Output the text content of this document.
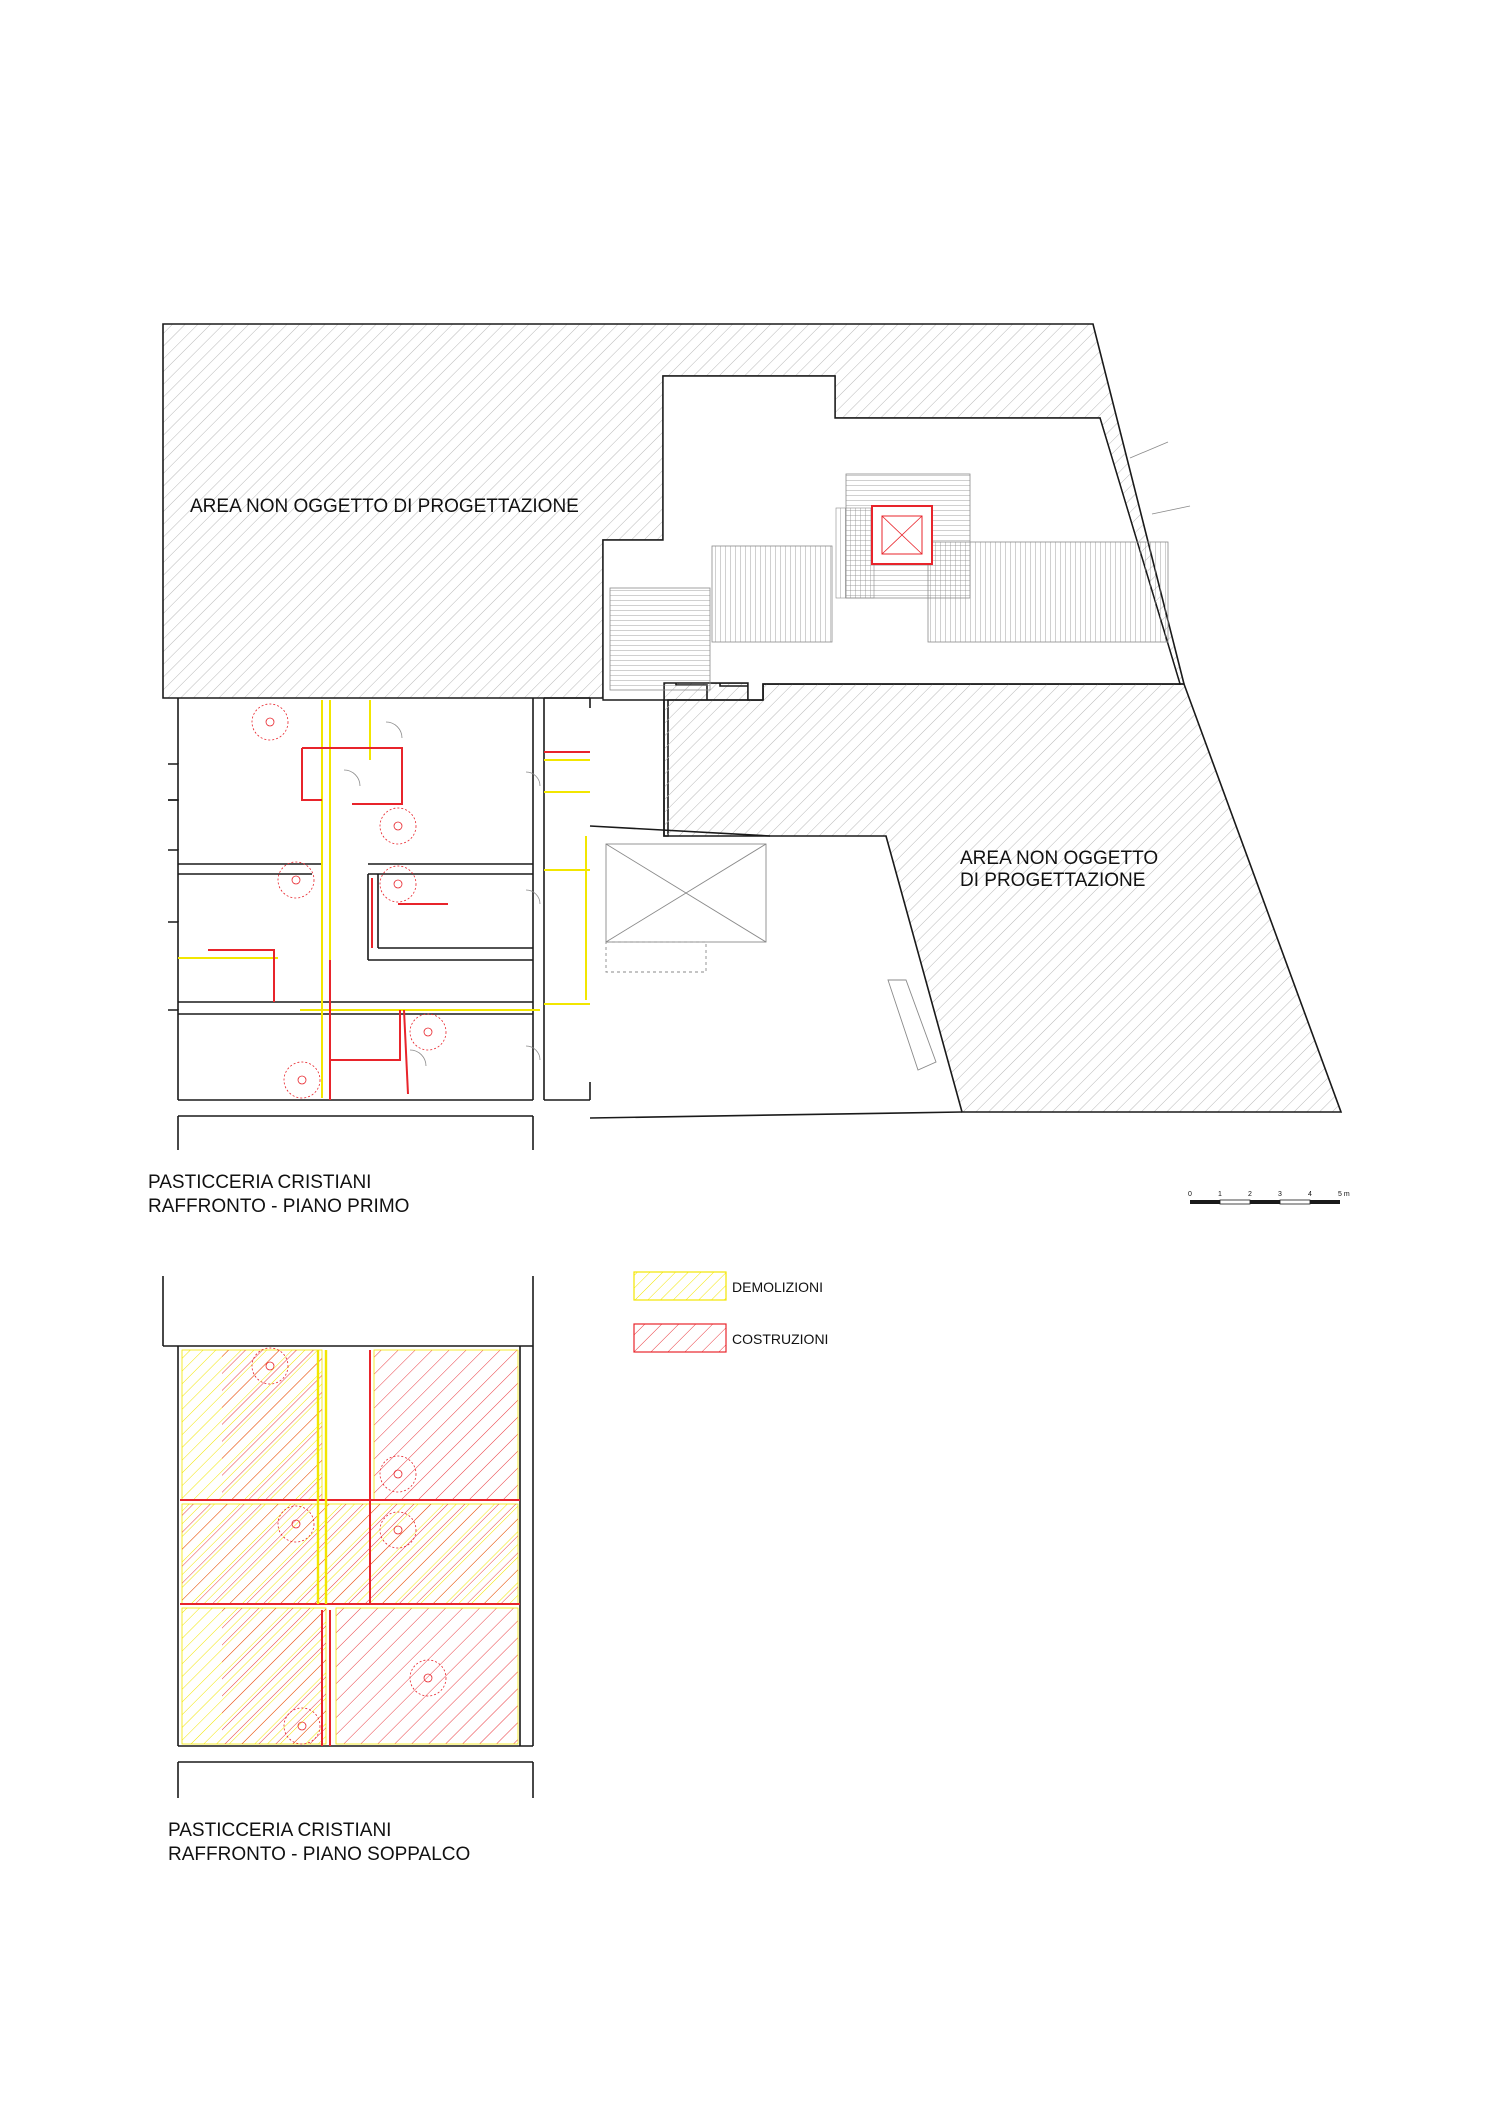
AREA NON OGGETTO DI PROGETTAZIONE
AREA NON OGGETTO
DI PROGETTAZIONE
PASTICCERIA CRISTIANI
RAFFRONTO - PIANO PRIMO
0	1	2	3	4	5 m
DEMOLIZIONI
COSTRUZIONI
PASTICCERIA CRISTIANI
RAFFRONTO - PIANO SOPPALCO
